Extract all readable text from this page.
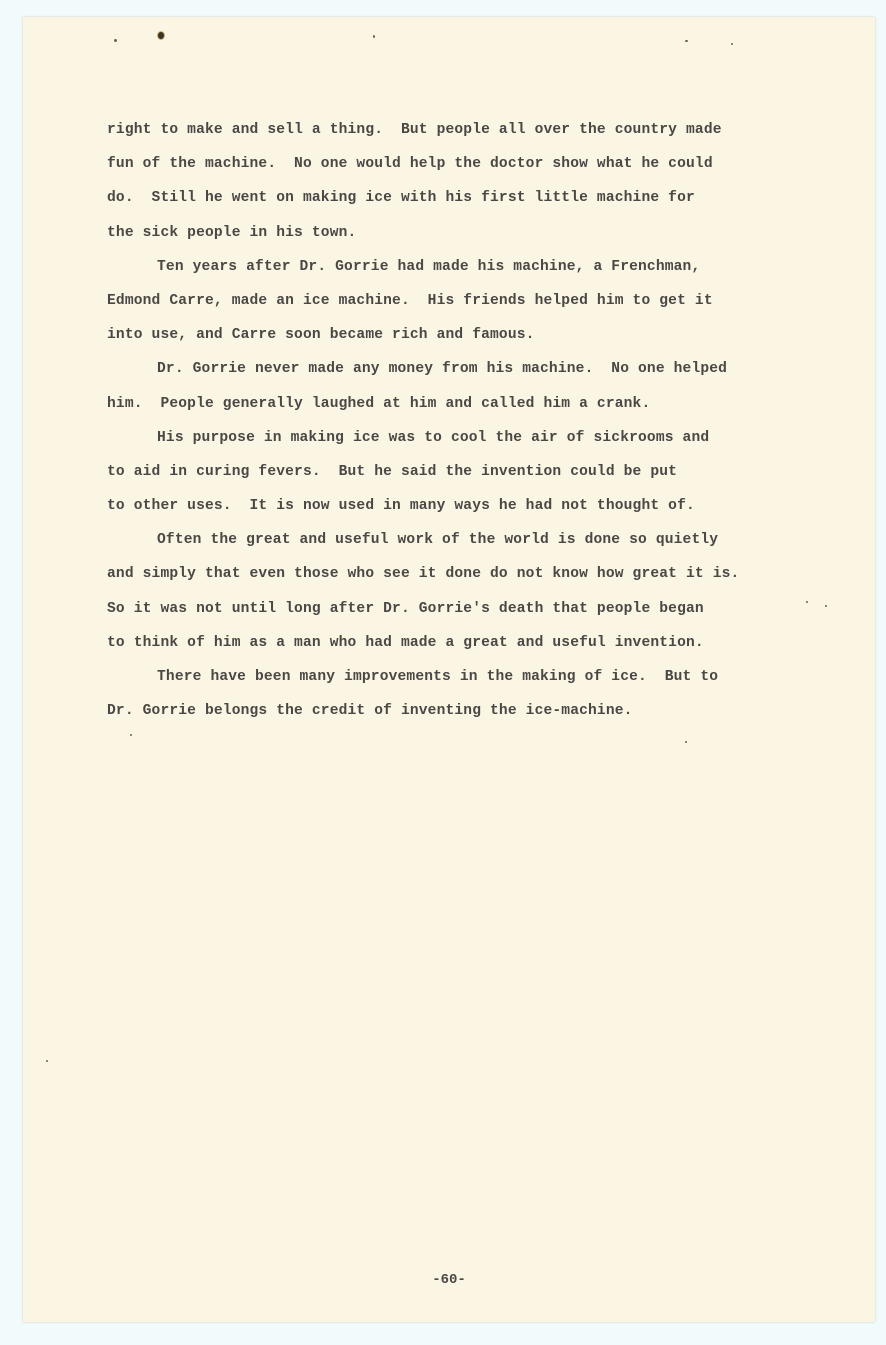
right to make and sell a thing.  But people all over the country made
fun of the machine.  No one would help the doctor show what he could
do.  Still he went on making ice with his first little machine for
the sick people in his town.
Ten years after Dr. Gorrie had made his machine, a Frenchman,
Edmond Carre, made an ice machine.  His friends helped him to get it
into use, and Carre soon became rich and famous.
Dr. Gorrie never made any money from his machine.  No one helped
him.  People generally laughed at him and called him a crank.
His purpose in making ice was to cool the air of sickrooms and
to aid in curing fevers.  But he said the invention could be put
to other uses.  It is now used in many ways he had not thought of.
Often the great and useful work of the world is done so quietly
and simply that even those who see it done do not know how great it is.
So it was not until long after Dr. Gorrie's death that people began
to think of him as a man who had made a great and useful invention.
There have been many improvements in the making of ice.  But to
Dr. Gorrie belongs the credit of inventing the ice-machine.
-60-
